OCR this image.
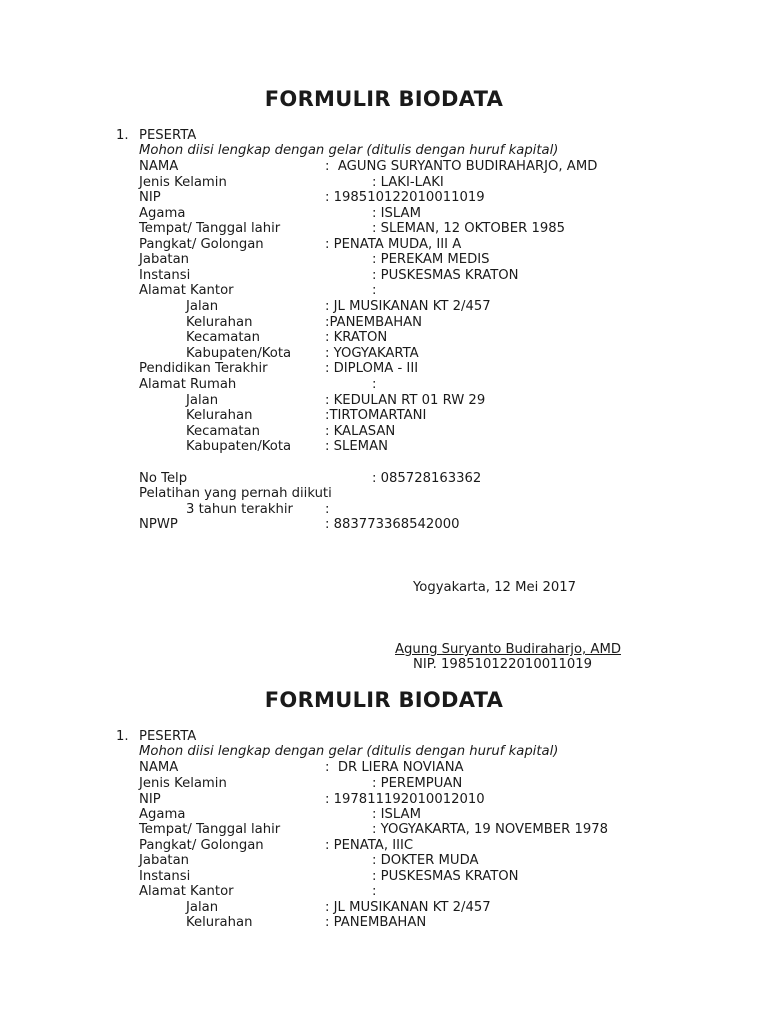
FORMULIR BIODATA
1. PESERTA
Mohon diisi lengkap dengan gelar (ditulis dengan huruf kapital)
NAMA	:  AGUNG SURYANTO BUDIRAHARJO, AMD
Jenis Kelamin	: LAKI-LAKI
NIP	: 198510122010011019
Agama	: ISLAM
Tempat/ Tanggal lahir	: SLEMAN, 12 OKTOBER 1985
Pangkat/ Golongan	: PENATA MUDA, III A
Jabatan	: PEREKAM MEDIS
Instansi	: PUSKESMAS KRATON
Alamat Kantor	:
Jalan	: JL MUSIKANAN KT 2/457
Kelurahan	:PANEMBAHAN
Kecamatan	: KRATON
Kabupaten/Kota	: YOGYAKARTA
Pendidikan Terakhir	: DIPLOMA - III
Alamat Rumah	:
Jalan	: KEDULAN RT 01 RW 29
Kelurahan	:TIRTOMARTANI
Kecamatan	: KALASAN
Kabupaten/Kota	: SLEMAN
No Telp	: 085728163362
Pelatihan yang pernah diikuti
3 tahun terakhir :
NPWP	: 883773368542000
Yogyakarta, 12 Mei 2017
Agung Suryanto Budiraharjo, AMD
NIP. 198510122010011019
FORMULIR BIODATA
1. PESERTA
Mohon diisi lengkap dengan gelar (ditulis dengan huruf kapital)
NAMA	:  DR LIERA NOVIANA
Jenis Kelamin	: PEREMPUAN
NIP	: 197811192010012010
Agama	: ISLAM
Tempat/ Tanggal lahir	: YOGYAKARTA, 19 NOVEMBER 1978
Pangkat/ Golongan	: PENATA, IIIC
Jabatan	: DOKTER MUDA
Instansi	: PUSKESMAS KRATON
Alamat Kantor	:
Jalan	: JL MUSIKANAN KT 2/457
Kelurahan	: PANEMBAHAN
